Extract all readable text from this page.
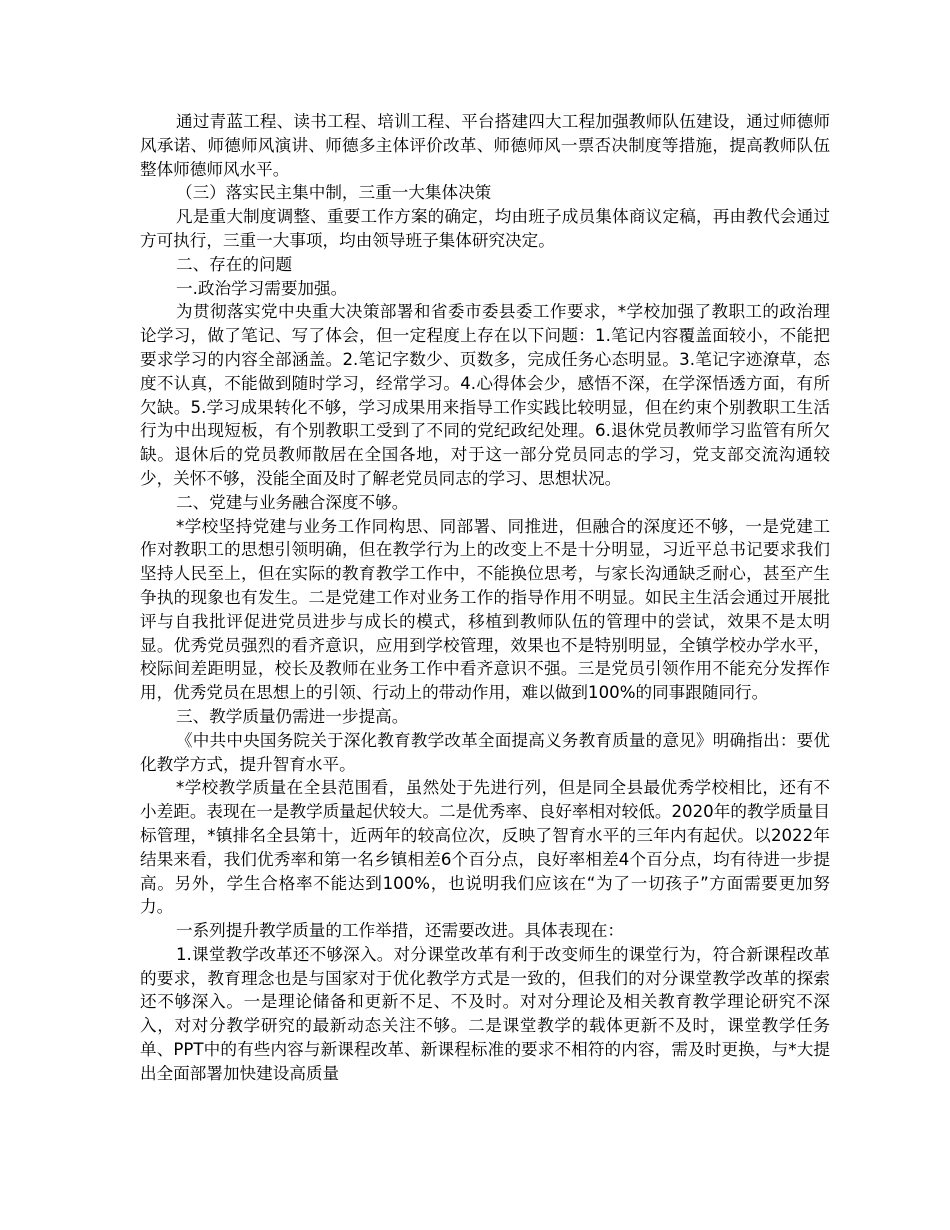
通过青蓝工程、读书工程、培训工程、平台搭建四大工程加强教师队伍建设，通过师德师风承诺、师德师风演讲、师德多主体评价改革、师德师风一票否决制度等措施，提高教师队伍整体师德师风水平。

（三）落实民主集中制，三重一大集体决策

凡是重大制度调整、重要工作方案的确定，均由班子成员集体商议定稿，再由教代会通过方可执行，三重一大事项，均由领导班子集体研究决定。

二、存在的问题

一.政治学习需要加强。

为贯彻落实党中央重大决策部署和省委市委县委工作要求，*学校加强了教职工的政治理论学习，做了笔记、写了体会，但一定程度上存在以下问题：1.笔记内容覆盖面较小，不能把要求学习的内容全部涵盖。2.笔记字数少、页数多，完成任务心态明显。3.笔记字迹潦草，态度不认真，不能做到随时学习，经常学习。4.心得体会少，感悟不深，在学深悟透方面，有所欠缺。5.学习成果转化不够，学习成果用来指导工作实践比较明显，但在约束个别教职工生活行为中出现短板，有个别教职工受到了不同的党纪政纪处理。6.退休党员教师学习监管有所欠缺。退休后的党员教师散居在全国各地，对于这一部分党员同志的学习，党支部交流沟通较少，关怀不够，没能全面及时了解老党员同志的学习、思想状况。

二、党建与业务融合深度不够。

*学校坚持党建与业务工作同构思、同部署、同推进，但融合的深度还不够，一是党建工作对教职工的思想引领明确，但在教学行为上的改变上不是十分明显，习近平总书记要求我们坚持人民至上，但在实际的教育教学工作中，不能换位思考，与家长沟通缺乏耐心，甚至产生争执的现象也有发生。二是党建工作对业务工作的指导作用不明显。如民主生活会通过开展批评与自我批评促进党员进步与成长的模式，移植到教师队伍的管理中的尝试，效果不是太明显。优秀党员强烈的看齐意识，应用到学校管理，效果也不是特别明显，全镇学校办学水平，校际间差距明显，校长及教师在业务工作中看齐意识不强。三是党员引领作用不能充分发挥作用，优秀党员在思想上的引领、行动上的带动作用，难以做到100%的同事跟随同行。

三、教学质量仍需进一步提高。

《中共中央国务院关于深化教育教学改革全面提高义务教育质量的意见》明确指出：要优化教学方式，提升智育水平。

*学校教学质量在全县范围看，虽然处于先进行列，但是同全县最优秀学校相比，还有不小差距。表现在一是教学质量起伏较大。二是优秀率、良好率相对较低。2020年的教学质量目标管理，*镇排名全县第十，近两年的较高位次，反映了智育水平的三年内有起伏。以2022年结果来看，我们优秀率和第一名乡镇相差6个百分点，良好率相差4个百分点，均有待进一步提高。另外，学生合格率不能达到100%，也说明我们应该在“为了一切孩子”方面需要更加努力。

一系列提升教学质量的工作举措，还需要改进。具体表现在：

1.课堂教学改革还不够深入。对分课堂改革有利于改变师生的课堂行为，符合新课程改革的要求，教育理念也是与国家对于优化教学方式是一致的，但我们的对分课堂教学改革的探索还不够深入。一是理论储备和更新不足、不及时。对对分理论及相关教育教学理论研究不深入，对对分教学研究的最新动态关注不够。二是课堂教学的载体更新不及时，课堂教学任务单、PPT中的有些内容与新课程改革、新课程标准的要求不相符的内容，需及时更换，与*大提出全面部署加快建设高质量
